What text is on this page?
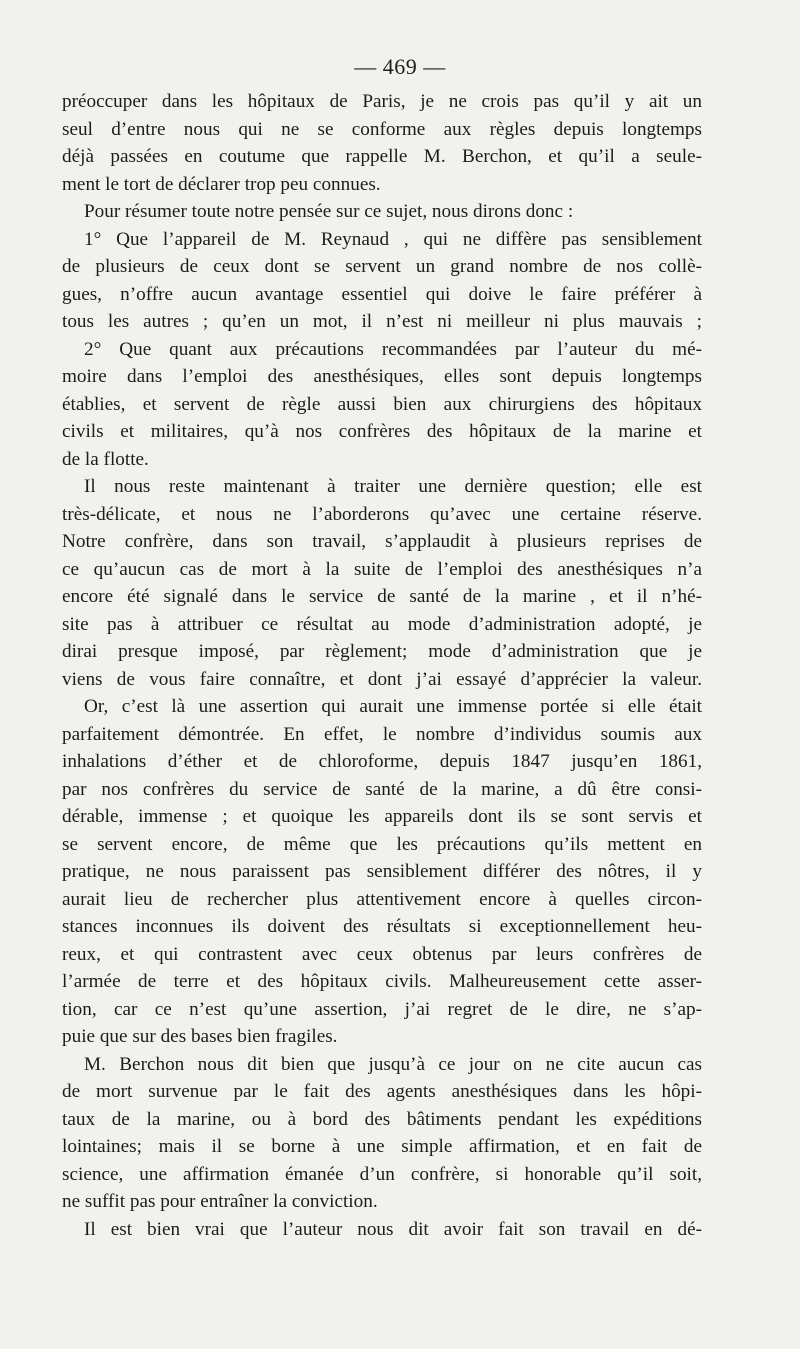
— 469 —
préoccuper dans les hôpitaux de Paris, je ne crois pas qu’il y ait un
seul d’entre nous qui ne se conforme aux règles depuis longtemps
déjà passées en coutume que rappelle M. Berchon, et qu’il a seule-
ment le tort de déclarer trop peu connues.
Pour résumer toute notre pensée sur ce sujet, nous dirons donc :
1° Que l’appareil de M. Reynaud , qui ne diffère pas sensiblement
de plusieurs de ceux dont se servent un grand nombre de nos collè-
gues, n’offre aucun avantage essentiel qui doive le faire préférer à
tous les autres ; qu’en un mot, il n’est ni meilleur ni plus mauvais ;
2° Que quant aux précautions recommandées par l’auteur du mé-
moire dans l’emploi des anesthésiques, elles sont depuis longtemps
établies, et servent de règle aussi bien aux chirurgiens des hôpitaux
civils et militaires, qu’à nos confrères des hôpitaux de la marine et
de la flotte.
Il nous reste maintenant à traiter une dernière question; elle est
très-délicate, et nous ne l’aborderons qu’avec une certaine réserve.
Notre confrère, dans son travail, s’applaudit à plusieurs reprises de
ce qu’aucun cas de mort à la suite de l’emploi des anesthésiques n’a
encore été signalé dans le service de santé de la marine , et il n’hé-
site pas à attribuer ce résultat au mode d’administration adopté, je
dirai presque imposé, par règlement; mode d’administration que je
viens de vous faire connaître, et dont j’ai essayé d’apprécier la valeur.
Or, c’est là une assertion qui aurait une immense portée si elle était
parfaitement démontrée. En effet, le nombre d’individus soumis aux
inhalations d’éther et de chloroforme, depuis 1847 jusqu’en 1861,
par nos confrères du service de santé de la marine, a dû être consi-
dérable, immense ; et quoique les appareils dont ils se sont servis et
se servent encore, de même que les précautions qu’ils mettent en
pratique, ne nous paraissent pas sensiblement différer des nôtres, il y
aurait lieu de rechercher plus attentivement encore à quelles circon-
stances inconnues ils doivent des résultats si exceptionnellement heu-
reux, et qui contrastent avec ceux obtenus par leurs confrères de
l’armée de terre et des hôpitaux civils. Malheureusement cette asser-
tion, car ce n’est qu’une assertion, j’ai regret de le dire, ne s’ap-
puie que sur des bases bien fragiles.
M. Berchon nous dit bien que jusqu’à ce jour on ne cite aucun cas
de mort survenue par le fait des agents anesthésiques dans les hôpi-
taux de la marine, ou à bord des bâtiments pendant les expéditions
lointaines; mais il se borne à une simple affirmation, et en fait de
science, une affirmation émanée d’un confrère, si honorable qu’il soit,
ne suffit pas pour entraîner la conviction.
Il est bien vrai que l’auteur nous dit avoir fait son travail en dé-
